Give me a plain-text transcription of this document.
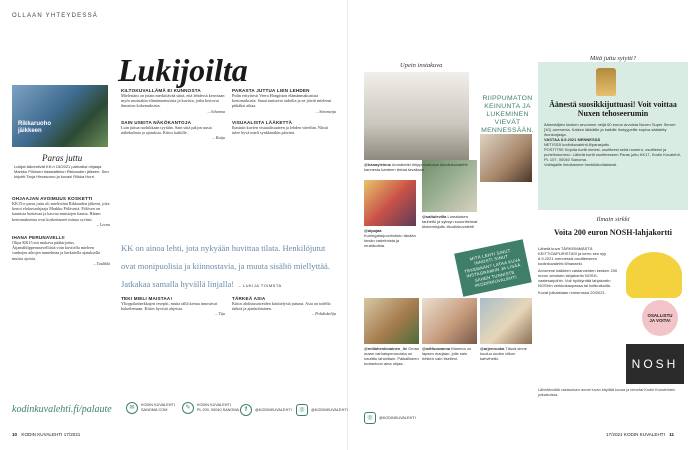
OLLAAN YHTEYDESSÄ
Lukijoilta
Rikkaruoho
jäikkeen
Paras juttu
Lukijat äänestivät KK:n 15/2021 parhaiksi ohjaaja Markku Pölösen haastattelun Rikkauden jäikeen. Sen kirjoitti Tarja Hirvasnoro ja kuvasi Riikka Hurri.
OHJAAJAN AVOIMUUS KOSKETTI
KK15:n paras juttu oli mielestäni Rikkauden jäikeen, joka kertoi elokuvaohjaaja Markku Pölösestä. Pölösen on kaunista luettavaa ja kasvaa muistojen kautta. Hänen kertomuksensa ovat koskettaneet minua syvästi.
– Leena
IHANA PERUNAVELLI!
Olipa KK15:ssä mukava pääkirjoitus. Äijamählipperunavelliistä voin kuvitella mieleen vanhojen aikojen tunnelmaa ja herkutella ajatuksella muista ajoista.
– Tuulikki
KILTOKUVALLÄMÄ EI KUNNOSTA
Mielestäni on jotain merkittävää siinä, että lehdessä kerrotaan myös muistakin elämäntarinoista ja kuvista, jotka kertovat ihmisten kokemuksista.
– Johanna
SAIN USEITA NÄKÖKANTOJA
Luin juttua ruohikkaan tyytään. Sain siitä paljon uusia näkökulmia ja ajatuksia. Kiitos kaikille.
– Katja
PARASTA JUTTUA LIEN LEHDEN
Pidin erityisesti Veera Hongiston elämänmakuisista kertomuksista. Sanat tuntuivat aidoilta ja ne jäivät mieleeni pitkäksi aikaa.
– Sinometja
VISUAALISTA LÄÄKETTÄ
Ihastuin kuvien visuaalisuuteen ja lehden väreihin. Niistä tulee hyvä mieli synkkinäkin päivinä.
KK on ainoa lehti, jota nykyään huvittaa tilata. Henkilöjutut ovat monipuolisia ja kiinnostavia, ja muuta sisältö miellyttää. Jatkakaa samalla hyvällä linjalla! – LUKIJA TOIMSTA
TEKI MIELI MAISTAA!
Ylioppilasherkkujen reseptit, muita tällä kertaa innostivat kokeilemaan. Kiitos hyvistä ohjeista.
– Tiju
TÄRKEÄ ASIA
Kiitos ahdistusoireiden käsittelystä juttuna. Asia on todella tärkeä ja ajankohtainen.
– Pohdiskelija
kodinkuvalehti.fi/palaute	✉	KODIN KUVALEHTI
SANOMA.COM	✎	KODIN KUVALEHTI
PL 200, 00040 SANOMA f	@KODINKUVALEHTI	◎	@KODINKUVALEHTI
10 KODIN KUVALEHTI 17/2021
Upein instakuva
RIIPPUMATON KEINUNTA JA LUKEMINEN VIEVÄT MENNESSÄÄN.
@hanayleinus #omahetki #riippumatossa #kodinkuvalehti kannesta kanteen tertaa tavallaan.
@alpajaa Kuningatarjuonhokkiu tänään kesän vadelmista ja mustikoista.
@saltulevilla Lomalaisen tauhetki ja syksyn suunnitelmat #lukemisjuttu #kodinkuvalehti
MITÄ LEHTI SINUT INNOSTI SINUT TEKEMÄÄN? LATAA KUVA INSTAGRAMIIN JA LISÄÄ SIIHEN TUNNISTE #KODINKUVALEHTI
@millahenkinainen_liv Oman maan varhaisperunoista on nautittu lahioittain. Paikalliseen tuotantoon aina ohjaa.
@witfoowanna Mamma on lapsen marjaan, jolle sain hetken vain itselleni.
@arjenruoka Tässä sinne kuuluu uuden viikon kahvihetki.
Mitä juttu sytytti?
Äänestä suosikkijuttuasi! Voit voittaa Nuxen tehoseerumin
Äänestäjien kesken arvomme neljä 60 euron arvoista Nuxen Super Serum [10] -seerumia. Kaiken iäkkäille ja kaikille ihotyypeille sopiva säädetty ihonkorjaaja.
VASTAA 8.9.2021 MENNESSÄ
NETISSÄ kodinkuvalehti.fi/parasjuttu
POSTITSE Kirjoita kortti nimesi, osoitteesi sekä numero, osoitteesi ja puhelinnumero. Lähetä kortti osoitteeseen Paras juttu KK17, Kodin Kuvalehti, PL 107, 00040 Sanoma.
Voittajaille ilmoitamme henkilökohtaisesti.
Ilmain sirkki
Voita 200 euron NOSH-lahjakortti
Lähetä kuva TÄRKEIMMÄSTÄ KEITTIÖAPURISTASI ja kerro sen syy 8.9.2021 mennessä osoitteeseen kodinkuvalehti.fi/hanaeki.
Arvomme kaikkien vastanneiden kesken 200 euron arvoisen lahjakortin NOSH-vaatesarjoihin. Voit hyödyntää lahjakortin NOSHin verkkokaupassa tai kotikutsuilla.
Kuvat julkaistaan numerossa 20/2021.
OSALLISTU JA VOITA!
NOSH
Lähettämällä vastauksen annat luvan käyttää kuvaa ja nimeäsi Kodin Kuvalehden julkaisuissa.
◎	@KODINKUVALEHTI
17/2021 KODIN KUVALEHTI 11
